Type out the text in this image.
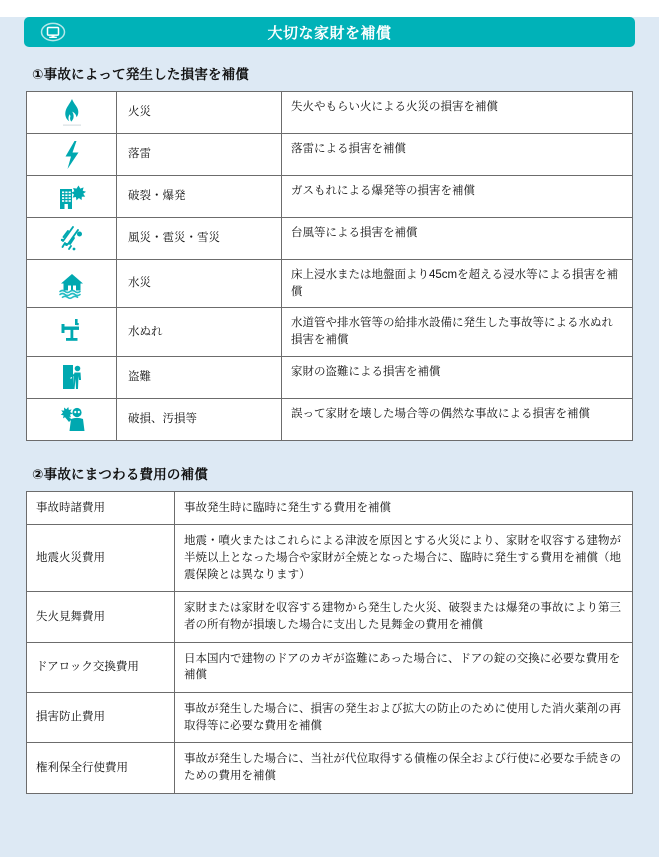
大切な家財を補償
①事故によって発生した損害を補償
	火災	失火やもらい火による火災の損害を補償

	落雷	落雷による損害を補償

	破裂・爆発	ガスもれによる爆発等の損害を補償

	風災・雹災・雪災	台風等による損害を補償

	水災	床上浸水または地盤面より45cmを超える浸水等による損害を補償

	水ぬれ	水道管や排水管等の給排水設備に発生した事故等による水ぬれ損害を補償

	盗難	家財の盗難による損害を補償

	破損、汚損等	誤って家財を壊した場合等の偶然な事故による損害を補償
②事故にまつわる費用の補償
事故時諸費用	事故発生時に臨時に発生する費用を補償
地震火災費用	地震・噴火またはこれらによる津波を原因とする火災により、家財を収容する建物が半焼以上となった場合や家財が全焼となった場合に、臨時に発生する費用を補償（地震保険とは異なります）
失火見舞費用	家財または家財を収容する建物から発生した火災、破裂または爆発の事故により第三者の所有物が損壊した場合に支出した見舞金の費用を補償
ドアロック交換費用	日本国内で建物のドアのカギが盗難にあった場合に、ドアの錠の交換に必要な費用を補償
損害防止費用	事故が発生した場合に、損害の発生および拡大の防止のために使用した消火薬剤の再取得等に必要な費用を補償
権利保全行使費用	事故が発生した場合に、当社が代位取得する債権の保全および行使に必要な手続きのための費用を補償
